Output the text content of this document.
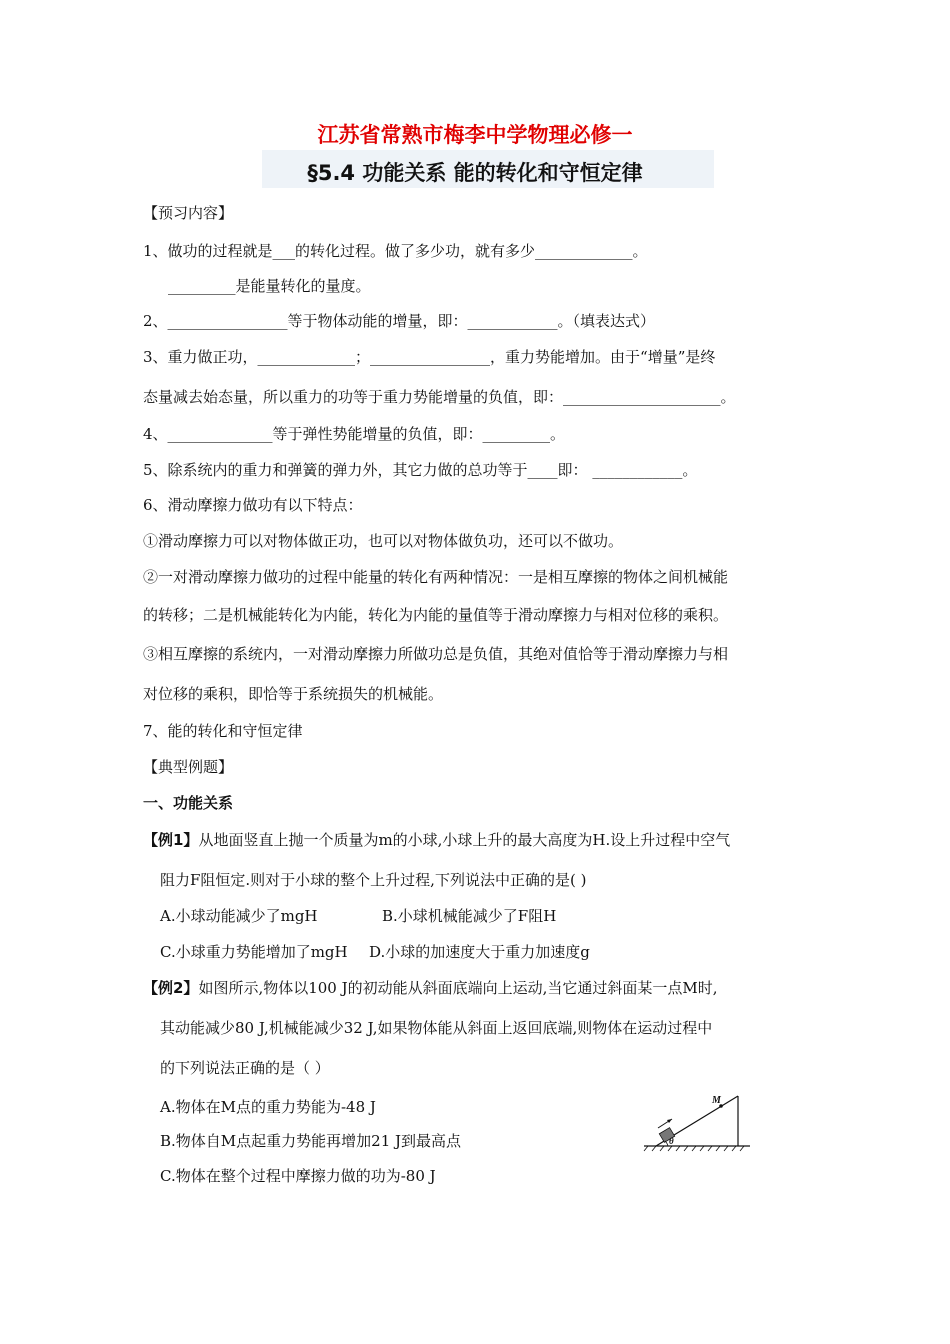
江苏省常熟市梅李中学物理必修一
§5.4 功能关系 能的转化和守恒定律
【预习内容】
1、做功的过程就是___的转化过程。做了多少功，就有多少_____________。
_________是能量转化的量度。
2、________________等于物体动能的增量，即：____________。（填表达式）
3、重力做正功，_____________；________________，重力势能增加。由于“增量”是终
态量减去始态量，所以重力的功等于重力势能增量的负值，即：_____________________。
4、______________等于弹性势能增量的负值，即：_________。
5、除系统内的重力和弹簧的弹力外，其它力做的总功等于____即： ____________。
6、滑动摩擦力做功有以下特点：
①滑动摩擦力可以对物体做正功，也可以对物体做负功，还可以不做功。
②一对滑动摩擦力做功的过程中能量的转化有两种情况：一是相互摩擦的物体之间机械能
的转移；二是机械能转化为内能，转化为内能的量值等于滑动摩擦力与相对位移的乘积。
③相互摩擦的系统内，一对滑动摩擦力所做功总是负值，其绝对值恰等于滑动摩擦力与相
对位移的乘积，即恰等于系统损失的机械能。
7、能的转化和守恒定律
【典型例题】
一、功能关系
【例1】从地面竖直上抛一个质量为m的小球,小球上升的最大高度为H.设上升过程中空气
阻力F阻恒定.则对于小球的整个上升过程,下列说法中正确的是( )
A.小球动能减少了mgH	B.小球机械能减少了F阻H
C.小球重力势能增加了mgH D.小球的加速度大于重力加速度g
【例2】如图所示,物体以100 J的初动能从斜面底端向上运动,当它通过斜面某一点M时,
其动能减少80 J,机械能减少32 J,如果物体能从斜面上返回底端,则物体在运动过程中
的下列说法正确的是（ ）
A.物体在M点的重力势能为-48 J
B.物体自M点起重力势能再增加21 J到最高点
C.物体在整个过程中摩擦力做的功为-80 J
M
θ
